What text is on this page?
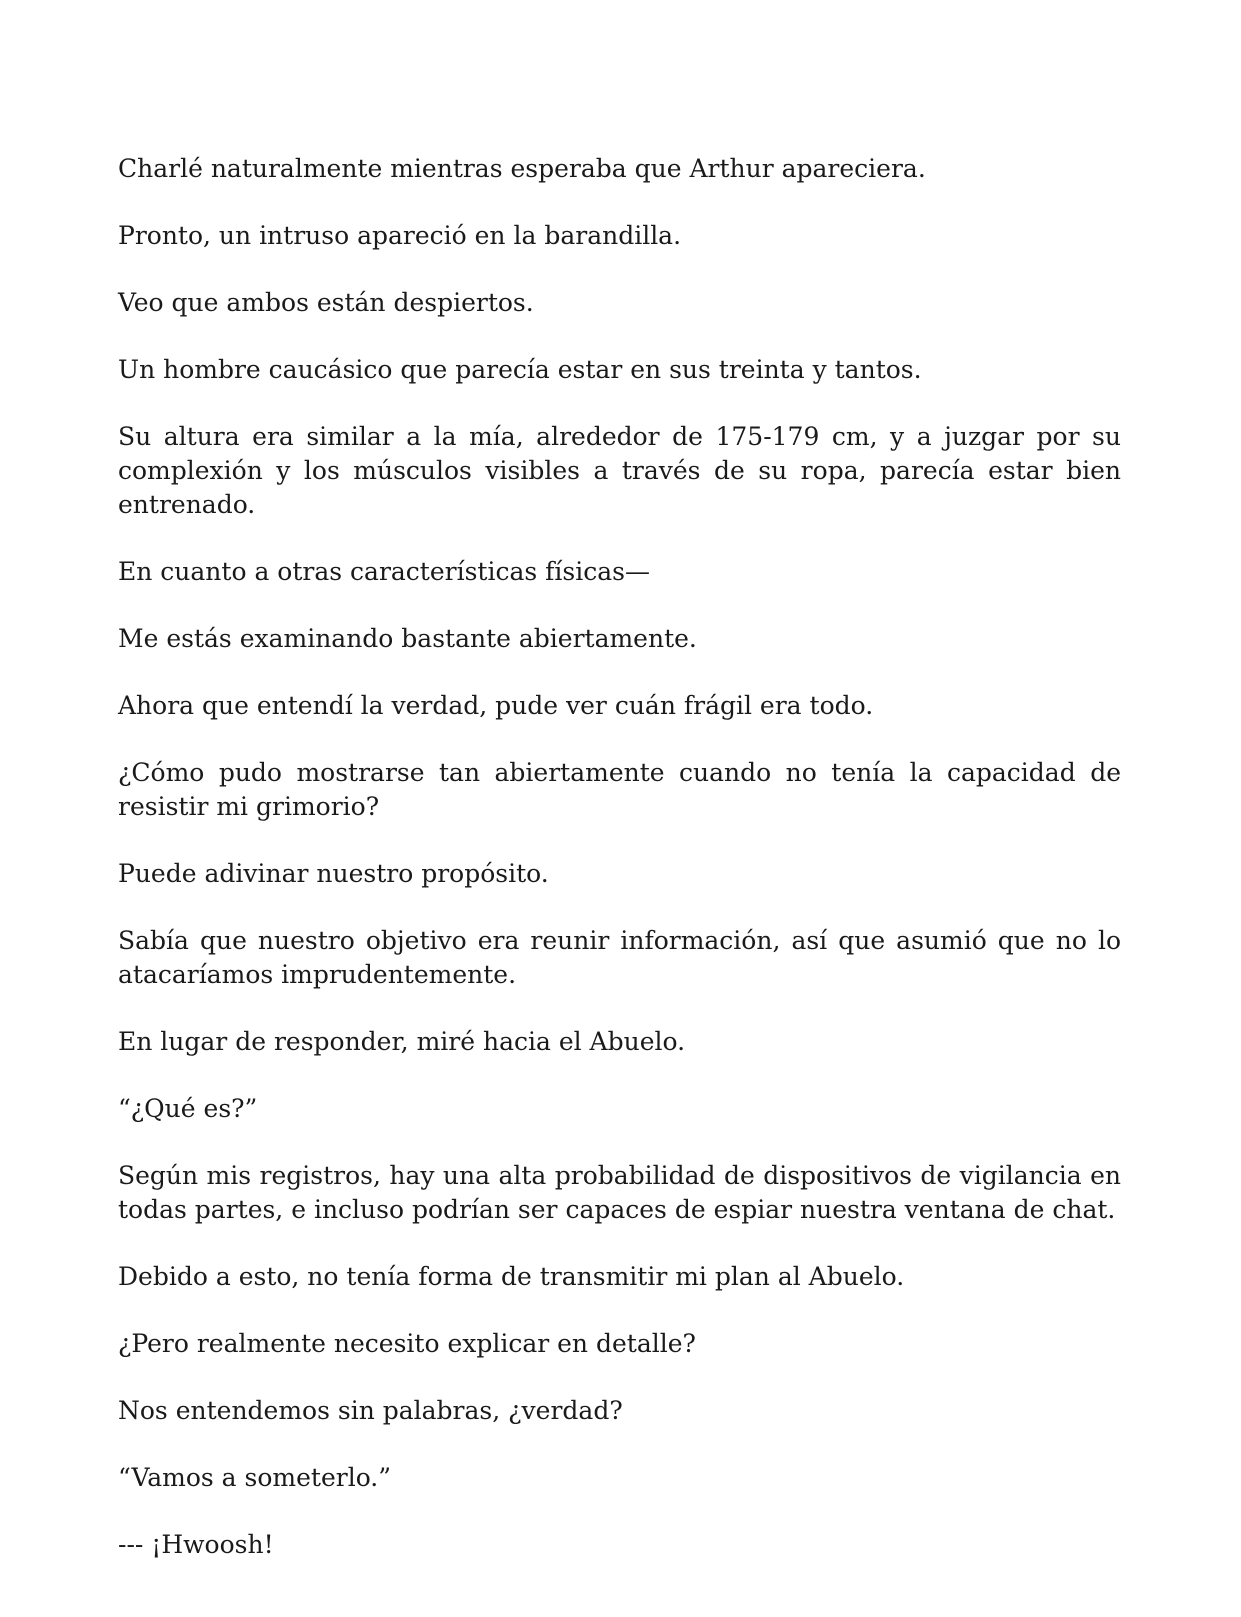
Charlé naturalmente mientras esperaba que Arthur apareciera.

Pronto, un intruso apareció en la barandilla.

Veo que ambos están despiertos.

Un hombre caucásico que parecía estar en sus treinta y tantos.

Su altura era similar a la mía, alrededor de 175-179 cm, y a juzgar por su complexión y los músculos visibles a través de su ropa, parecía estar bien entrenado.

En cuanto a otras características físicas—

Me estás examinando bastante abiertamente.

Ahora que entendí la verdad, pude ver cuán frágil era todo.

¿Cómo pudo mostrarse tan abiertamente cuando no tenía la capacidad de resistir mi grimorio?

Puede adivinar nuestro propósito.

Sabía que nuestro objetivo era reunir información, así que asumió que no lo atacaríamos imprudentemente.

En lugar de responder, miré hacia el Abuelo.

“¿Qué es?”

Según mis registros, hay una alta probabilidad de dispositivos de vigilancia en todas partes, e incluso podrían ser capaces de espiar nuestra ventana de chat.

Debido a esto, no tenía forma de transmitir mi plan al Abuelo.

¿Pero realmente necesito explicar en detalle?

Nos entendemos sin palabras, ¿verdad?

“Vamos a someterlo.”

--- ¡Hwoosh!
